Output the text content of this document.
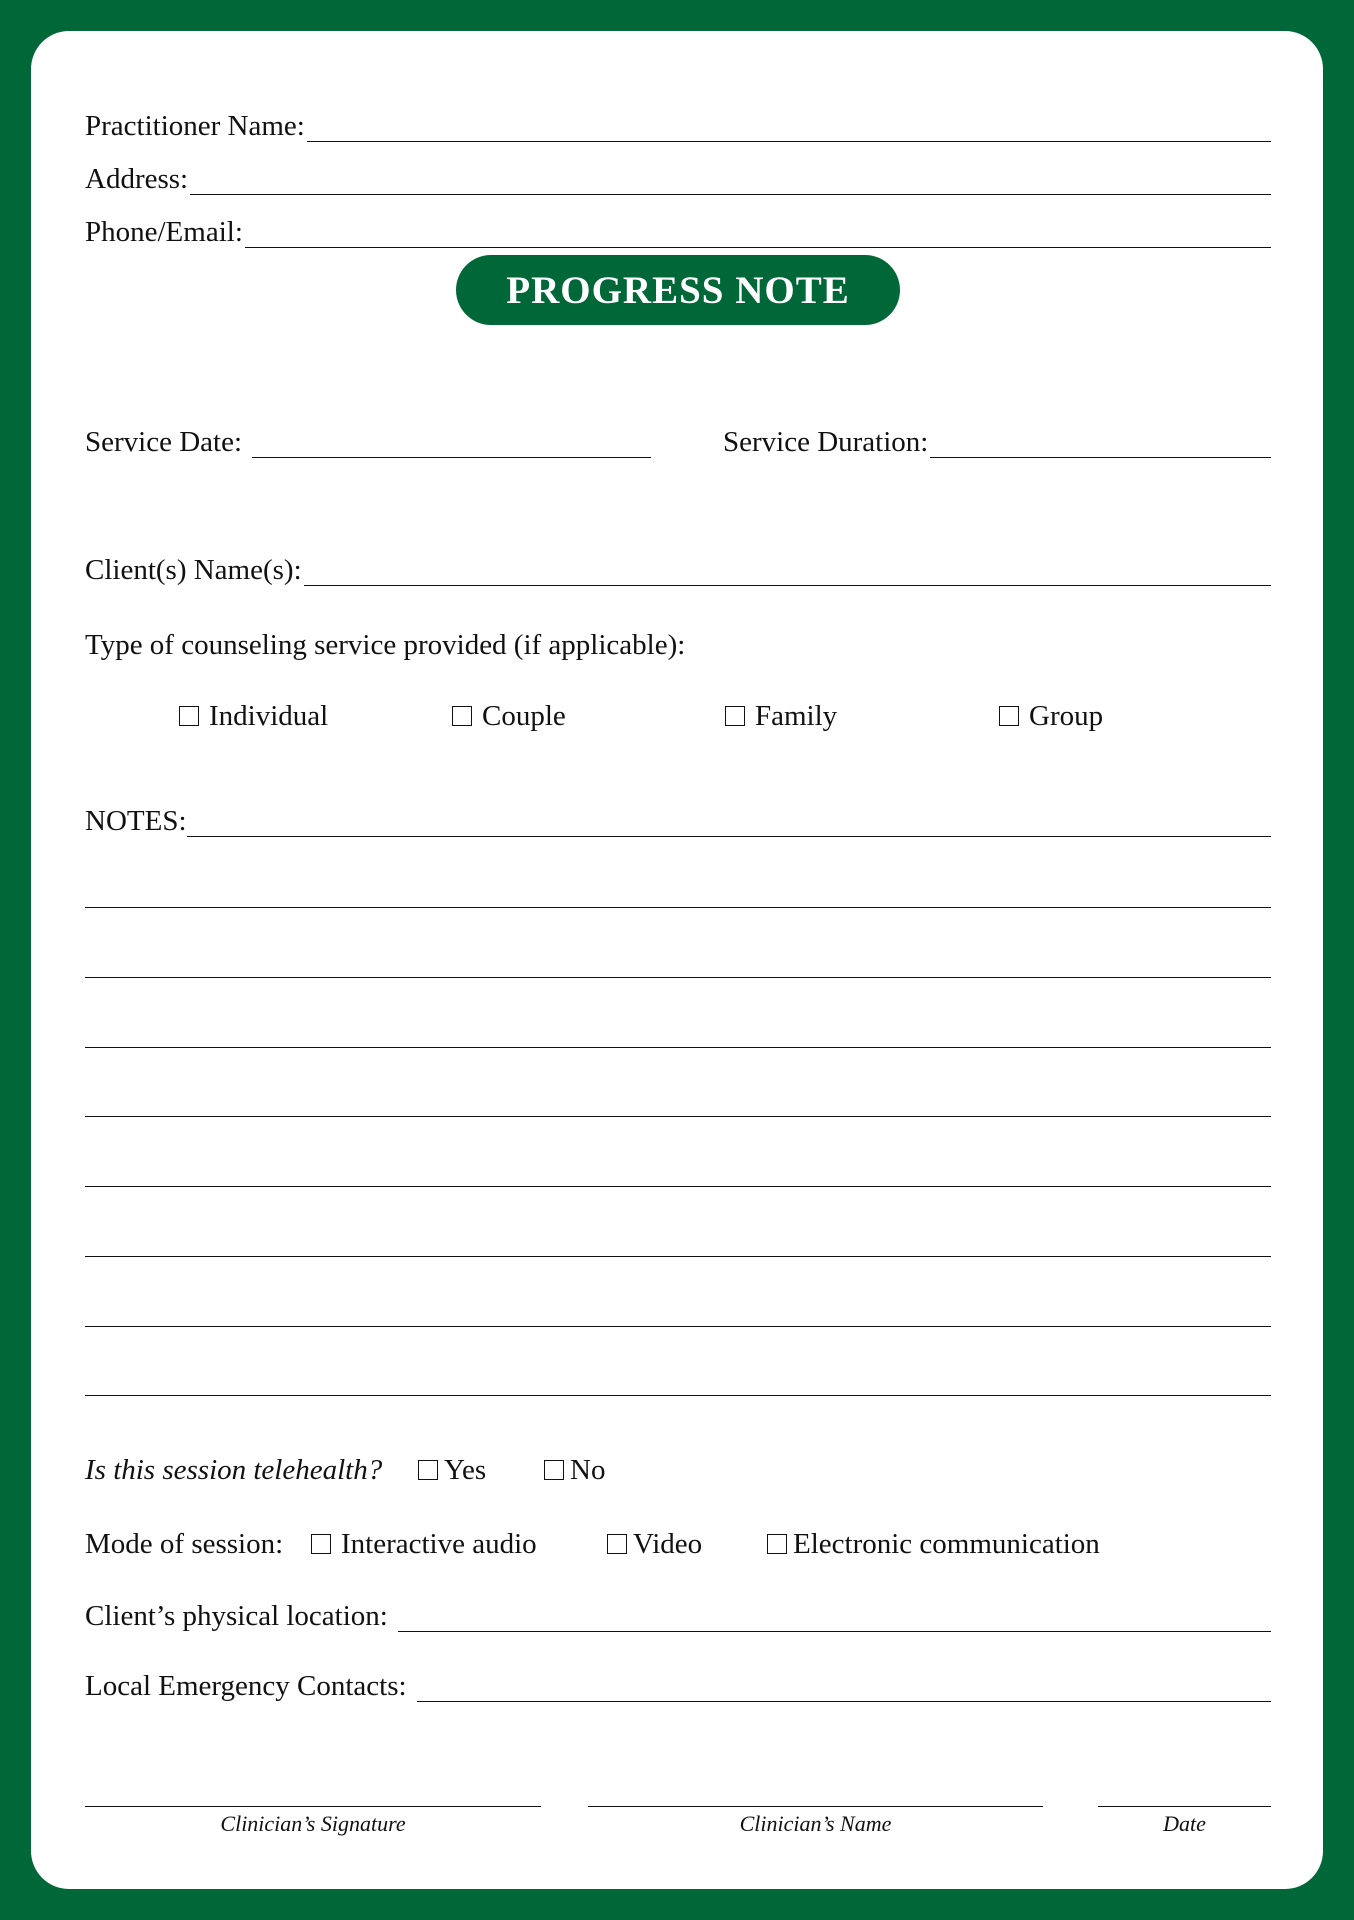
Practitioner Name:
Address:
Phone/Email:
PROGRESS NOTE
Service Date:	Service Duration:
Client(s) Name(s):
Type of counseling service provided (if applicable):
Individual	Couple	Family	Group
NOTES:
Is this session telehealth? Yes	No
Mode of session: Interactive audio	Video	Electronic communication
Client’s physical location:
Local Emergency Contacts:
Clinician’s Signature	Clinician’s Name	Date
